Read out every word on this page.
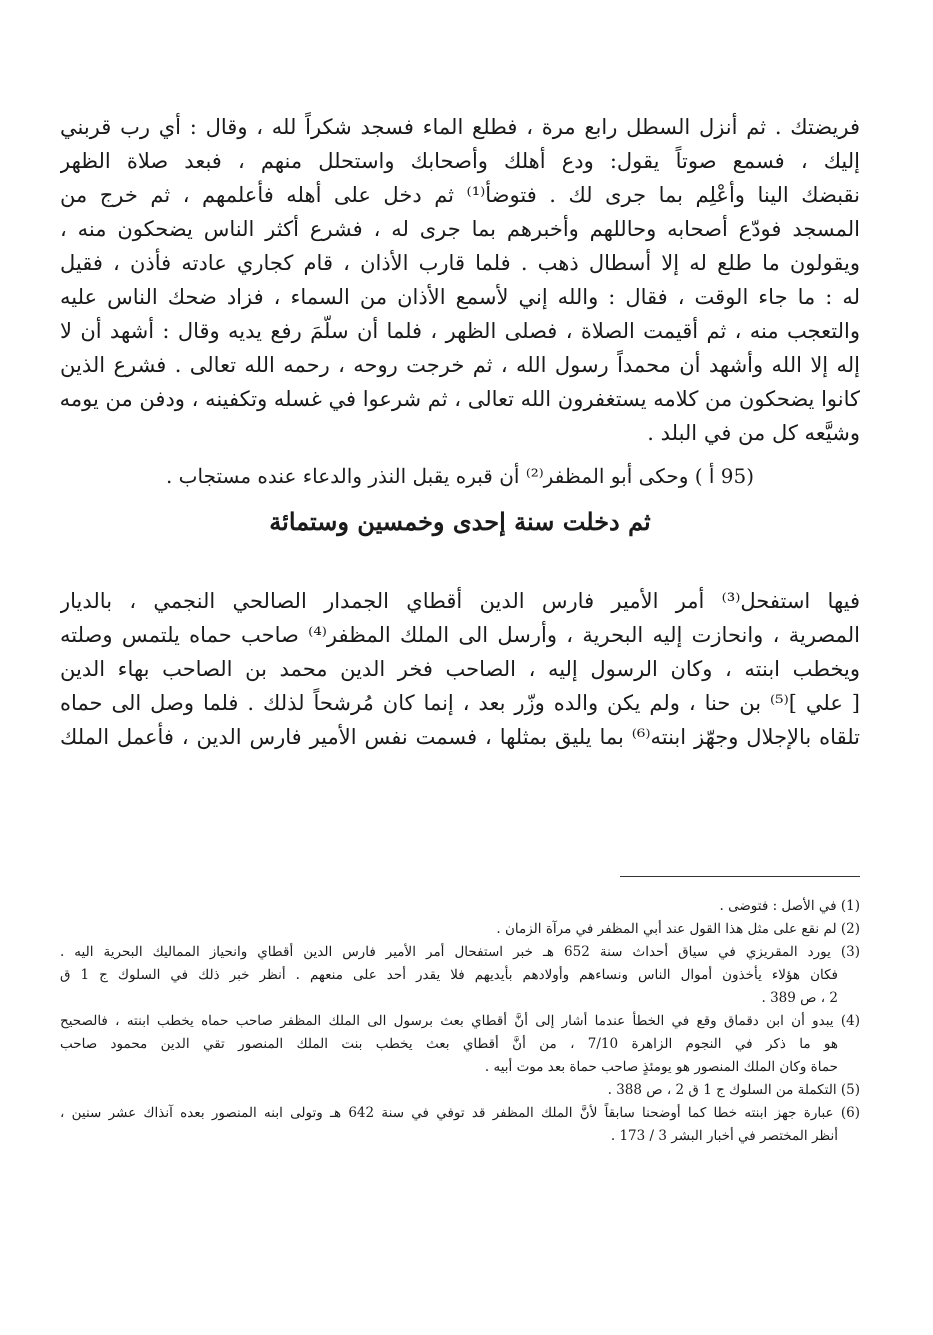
فريضتك . ثم أنزل السطل رابع مرة ، فطلع الماء فسجد شكراً لله ، وقال : أي رب قربني
إليك ، فسمع صوتاً يقول: ودع أهلك وأصحابك واستحلل منهم ، فبعد صلاة الظهر
نقبضك الينا وأعْلِم بما جرى لك . فتوضأ⁽¹⁾ ثم دخل على أهله فأعلمهم ، ثم خرج من
المسجد فودّع أصحابه وحاللهم وأخبرهم بما جرى له ، فشرع أكثر الناس يضحكون منه ،
ويقولون ما طلع له إلا أسطال ذهب . فلما قارب الأذان ، قام كجاري عادته فأذن ، فقيل
له : ما جاء الوقت ، فقال : والله إني لأسمع الأذان من السماء ، فزاد ضحك الناس عليه
والتعجب منه ، ثم أقيمت الصلاة ، فصلى الظهر ، فلما أن سلّمَ رفع يديه وقال : أشهد أن لا
إله إلا الله وأشهد أن محمداً رسول الله ، ثم خرجت روحه ، رحمه الله تعالى . فشرع الذين
كانوا يضحكون من كلامه يستغفرون الله تعالى ، ثم شرعوا في غسله وتكفينه ، ودفن من يومه
وشيَّعه كل من في البلد .
(95 أ ) وحكى أبو المظفر⁽²⁾ أن قبره يقبل النذر والدعاء عنده مستجاب .
ثم دخلت سنة إحدى وخمسين وستمائة
فيها استفحل⁽³⁾ أمر الأمير فارس الدين أقطاي الجمدار الصالحي النجمي ، بالديار
المصرية ، وانحازت إليه البحرية ، وأرسل الى الملك المظفر⁽⁴⁾ صاحب حماه يلتمس وصلته
ويخطب ابنته ، وكان الرسول إليه ، الصاحب فخر الدين محمد بن الصاحب بهاء الدين
[ علي ]⁽⁵⁾ بن حنا ، ولم يكن والده وزّر بعد ، إنما كان مُرشحاً لذلك . فلما وصل الى حماه
تلقاه بالإجلال وجهّز ابنته⁽⁶⁾ بما يليق بمثلها ، فسمت نفس الأمير فارس الدين ، فأعمل الملك
(1) في الأصل : فتوضى .
(2) لم نقع على مثل هذا القول عند أبي المظفر في مرآة الزمان .
(3) يورد المقريزي في سياق أحداث سنة 652 هـ خبر استفحال أمر الأمير فارس الدين أقطاي وانحياز المماليك البحرية اليه .
فكان هؤلاء يأخذون أموال الناس ونساءهم وأولادهم بأيديهم فلا يقدر أحد على منعهم . أنظر خبر ذلك في السلوك ج 1 ق
2 ، ص 389 .
(4) يبدو أن ابن دقماق وقع في الخطأ عندما أشار إلى أنَّ أقطاي بعث برسول الى الملك المظفر صاحب حماه يخطب ابنته ، فالصحيح
هو ما ذكر في النجوم الزاهرة 7/10 ، من أنَّ أقطاي بعث يخطب بنت الملك المنصور تقي الدين محمود صاحب
حماة وكان الملك المنصور هو يومئذٍ صاحب حماة بعد موت أبيه .
(5) التكملة من السلوك ج 1 ق 2 ، ص 388 .
(6) عبارة جهز ابنته خطا كما أوضحنا سابقاً لأنَّ الملك المظفر قد توفي في سنة 642 هـ وتولى ابنه المنصور بعده آنذاك عشر سنين ،
أنظر المختصر في أخبار البشر 3 / 173 .
